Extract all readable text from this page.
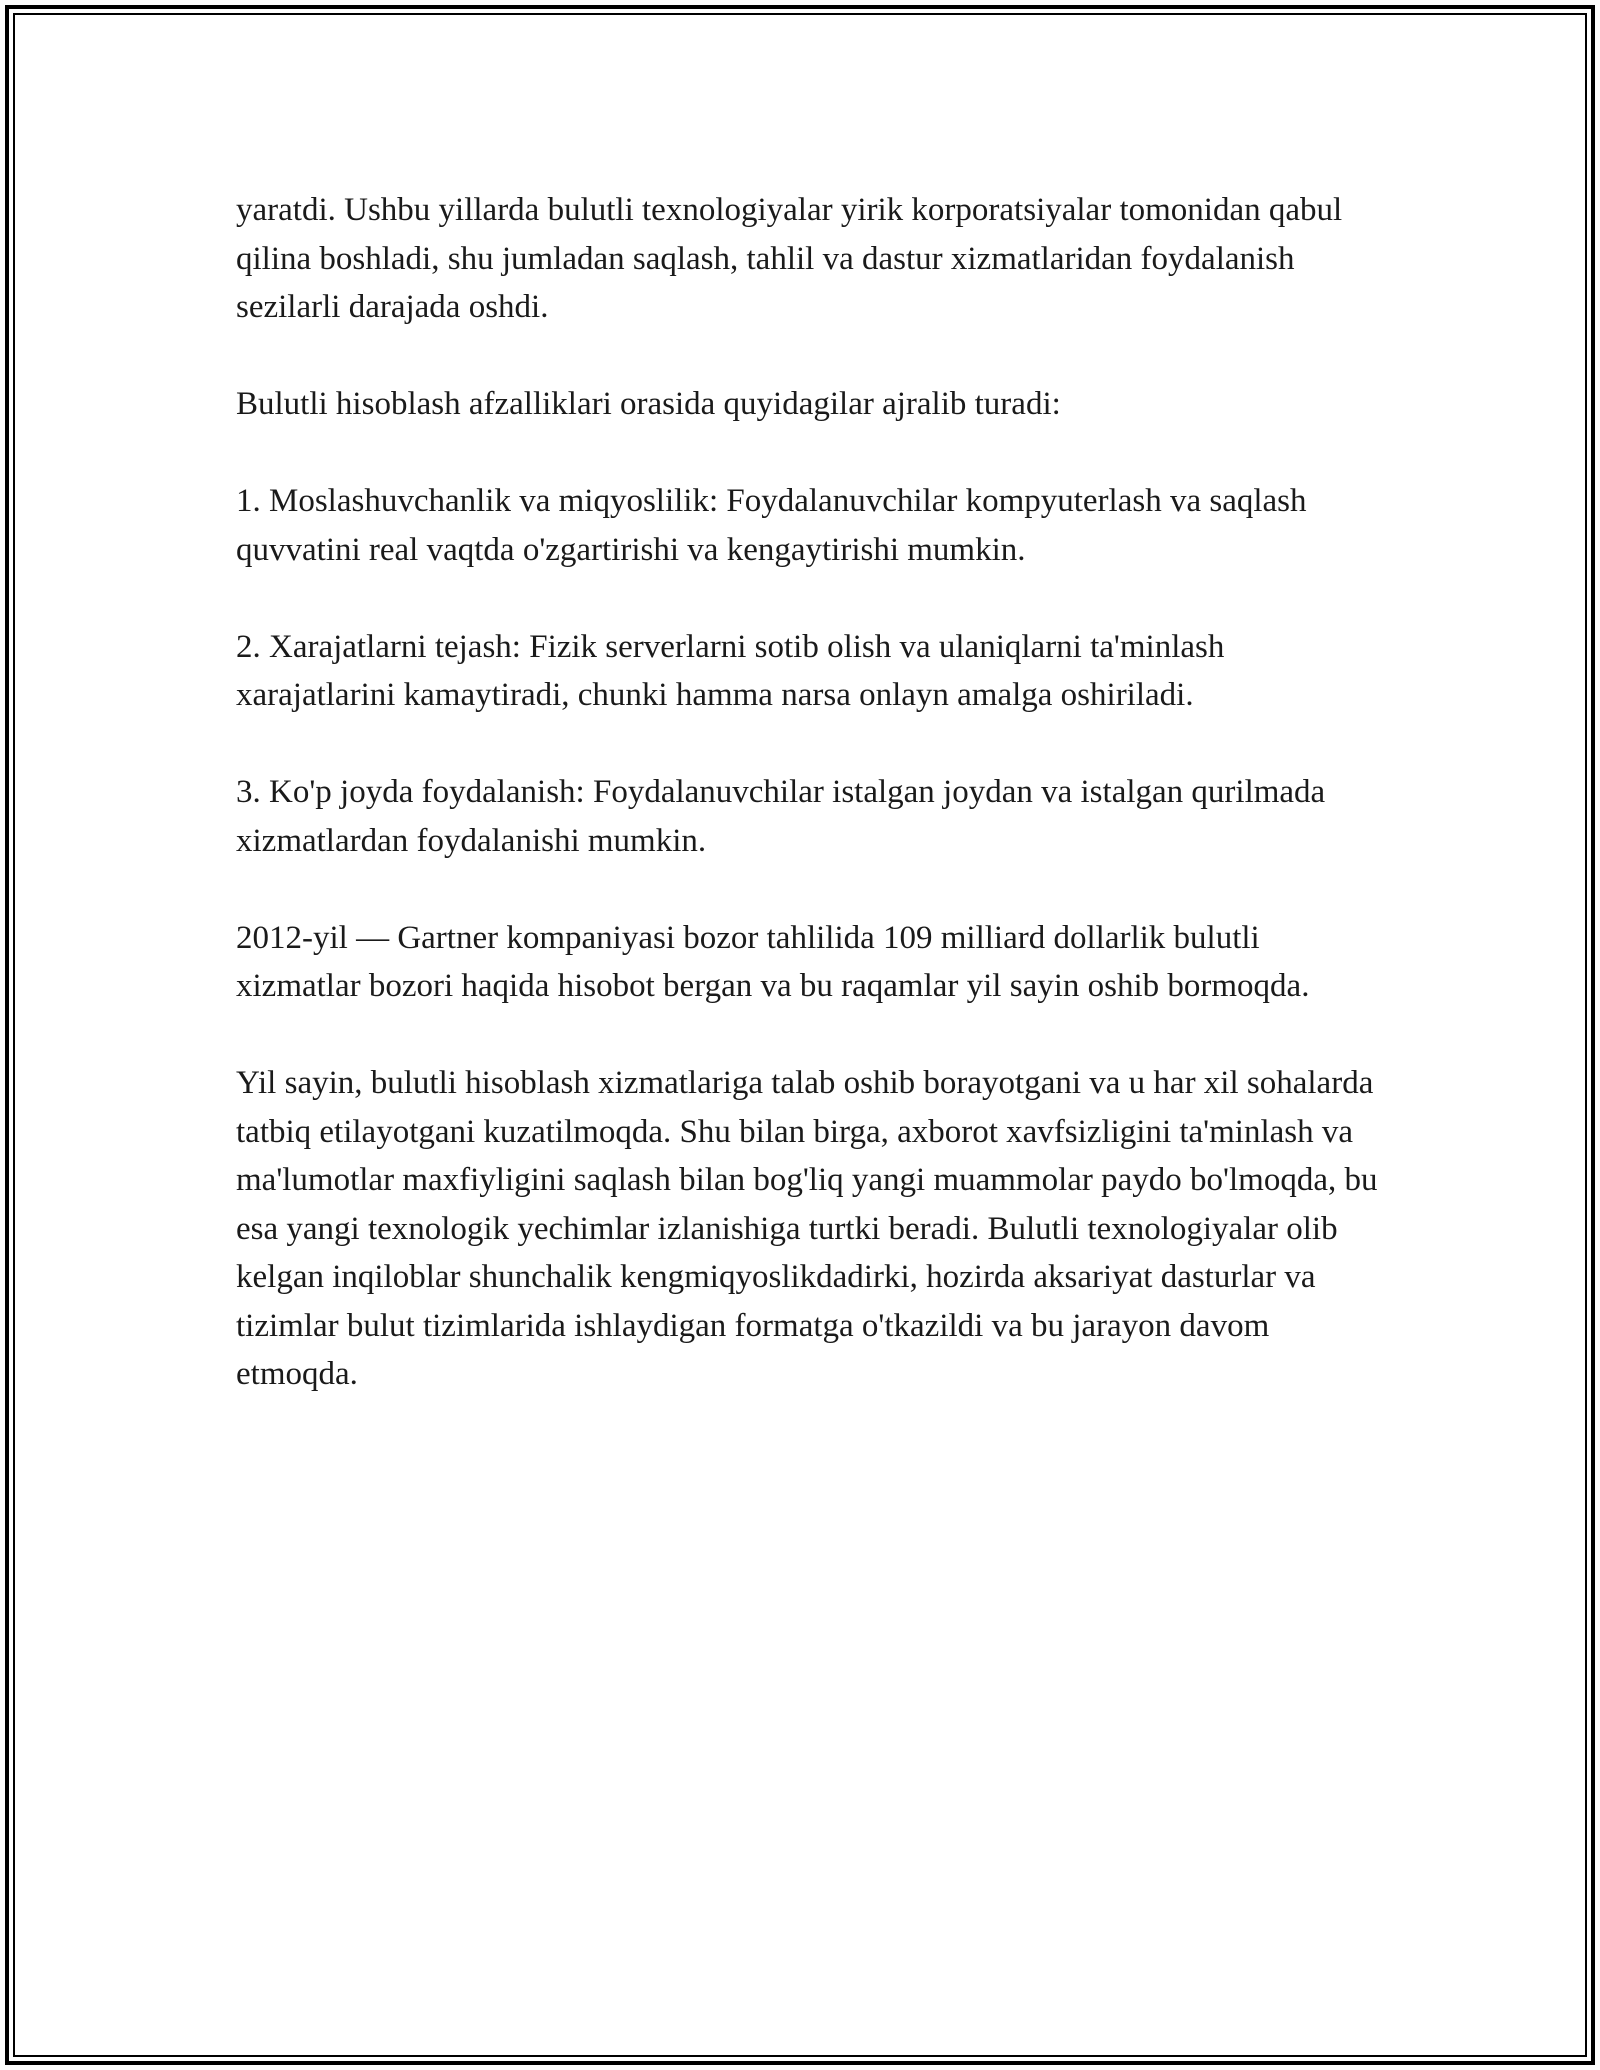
yaratdi. Ushbu yillarda bulutli texnologiyalar yirik korporatsiyalar tomonidan qabul qilina boshladi, shu jumladan saqlash, tahlil va dastur xizmatlaridan foydalanish sezilarli darajada oshdi.

Bulutli hisoblash afzalliklari orasida quyidagilar ajralib turadi:

1. Moslashuvchanlik va miqyoslilik: Foydalanuvchilar kompyuterlash va saqlash quvvatini real vaqtda o'zgartirishi va kengaytirishi mumkin.

2. Xarajatlarni tejash: Fizik serverlarni sotib olish va ulaniqlarni ta'minlash xarajatlarini kamaytiradi, chunki hamma narsa onlayn amalga oshiriladi.

3. Ko'p joyda foydalanish: Foydalanuvchilar istalgan joydan va istalgan qurilmada xizmatlardan foydalanishi mumkin.

2012-yil — Gartner kompaniyasi bozor tahlilida 109 milliard dollarlik bulutli xizmatlar bozori haqida hisobot bergan va bu raqamlar yil sayin oshib bormoqda.

Yil sayin, bulutli hisoblash xizmatlariga talab oshib borayotgani va u har xil sohalarda tatbiq etilayotgani kuzatilmoqda. Shu bilan birga, axborot xavfsizligini ta'minlash va ma'lumotlar maxfiyligini saqlash bilan bog'liq yangi muammolar paydo bo'lmoqda, bu esa yangi texnologik yechimlar izlanishiga turtki beradi. Bulutli texnologiyalar olib kelgan inqiloblar shunchalik kengmiqyoslikdadirki, hozirda aksariyat dasturlar va tizimlar bulut tizimlarida ishlaydigan formatga o'tkazildi va bu jarayon davom etmoqda.
